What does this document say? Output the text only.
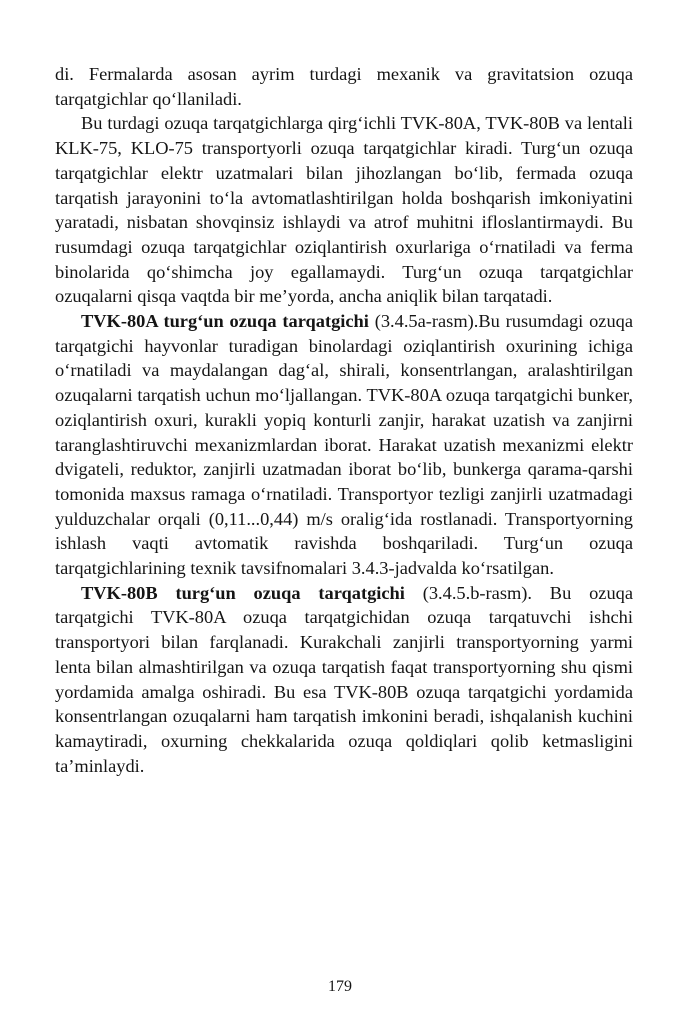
di. Fermalarda asosan ayrim turdagi mexanik va gravitatsion ozuqa tarqatgichlar qo‘llaniladi.

Bu turdagi ozuqa tarqatgichlarga qirg‘ichli TVK-80A, TVK-80B va lentali KLK-75, KLO-75 transportyorli ozuqa tarqatgichlar kiradi. Turg‘un ozuqa tarqatgichlar elektr uzatmalari bilan jihozlangan bo‘lib, fermada ozuqa tarqatish jarayonini to‘la avtomatlashtirilgan holda boshqarish imkoniyatini yaratadi, nisbatan shovqinsiz ishlaydi va atrof muhitni ifloslantirmaydi. Bu rusumdagi ozuqa tarqatgichlar oziqlantirish oxurlariga o‘rnatiladi va ferma binolarida qo‘shimcha joy egallamaydi. Turg‘un ozuqa tarqatgichlar ozuqalarni qisqa vaqtda bir me’yorda, ancha aniqlik bilan tarqatadi.

TVK-80A turg‘un ozuqa tarqatgichi (3.4.5a-rasm).Bu rusumdagi ozuqa tarqatgichi hayvonlar turadigan binolardagi oziqlantirish oxurining ichiga o‘rnatiladi va maydalangan dag‘al, shirali, konsentrlangan, aralashtirilgan ozuqalarni tarqatish uchun mo‘ljallangan. TVK-80A ozuqa tarqatgichi bunker, oziqlantirish oxuri, kurakli yopiq konturli zanjir, harakat uzatish va zanjirni taranglashtiruvchi mexanizmlardan iborat. Harakat uzatish mexanizmi elektr dvigateli, reduktor, zanjirli uzatmadan iborat bo‘lib, bunkerga qarama-qarshi tomonida maxsus ramaga o‘rnatiladi. Transportyor tezligi zanjirli uzatmadagi yulduzchalar orqali (0,11...0,44) m/s oralig‘ida rostlanadi. Transportyorning ishlash vaqti avtomatik ravishda boshqariladi. Turg‘un ozuqa tarqatgichlarining texnik tavsifnomalari 3.4.3-jadvalda ko‘rsatilgan.

TVK-80B turg‘un ozuqa tarqatgichi (3.4.5.b-rasm). Bu ozuqa tarqatgichi TVK-80A ozuqa tarqatgichidan ozuqa tarqatuvchi ishchi transportyori bilan farqlanadi. Kurakchali zanjirli transportyorning yarmi lenta bilan almashtirilgan va ozuqa tarqatish faqat transportyorning shu qismi yordamida amalga oshiradi. Bu esa TVK-80B ozuqa tarqatgichi yordamida konsentrlangan ozuqalarni ham tarqatish imkonini beradi, ishqalanish kuchini kamaytiradi, oxurning chekkalarida ozuqa qoldiqlari qolib ketmasligini ta’minlaydi.

179
